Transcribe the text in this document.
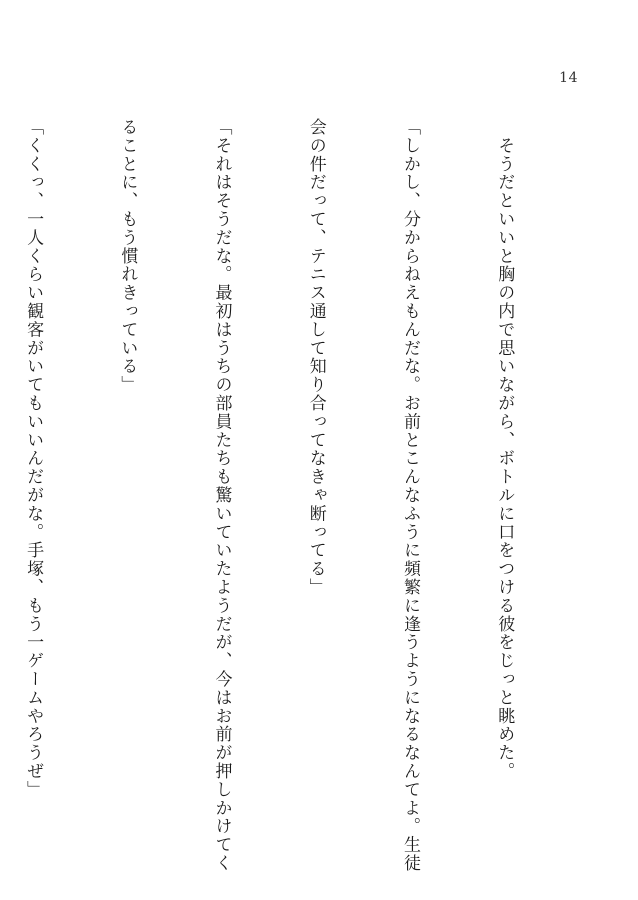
14

　そうだといいと胸の内で思いながら、ボトルに口をつける彼をじっと眺めた。

「しかし、分からねえもんだな。お前とこんなふうに頻繁に逢うようになるなんてよ。生徒

会の件だって、テニス通して知り合ってなきゃ断ってる」

「それはそうだな。最初はうちの部員たちも驚いていたようだが、今はお前が押しかけてく

ることに、もう慣れきっている」

「くくっ、一人くらい観客がいてもいいんだがな。手塚、もう一ゲームやろうぜ」
